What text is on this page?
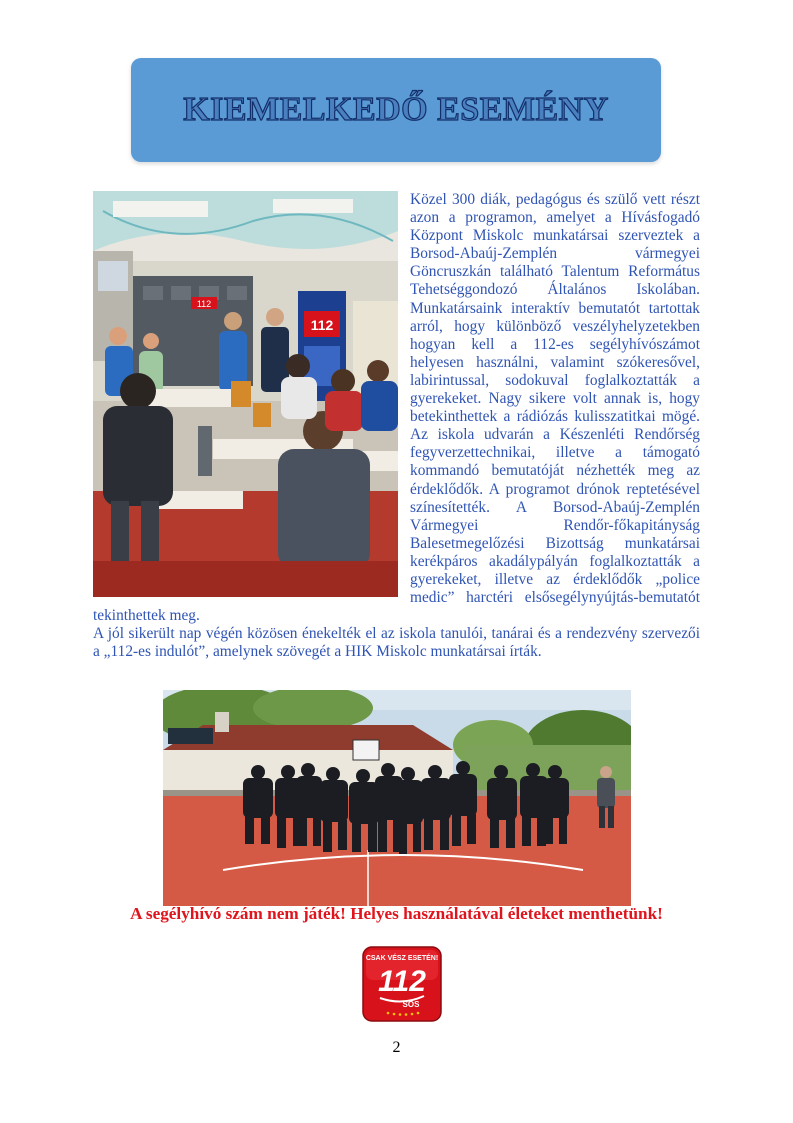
KIEMELKEDŐ ESEMÉNY

Közel 300 diák, pedagógus és szülő vett részt azon a programon, amelyet a Hívásfogadó Központ Miskolc munkatársai szerveztek a Borsod-Abaúj-Zemplén vármegyei Göncruszkán található Talentum Református Tehetséggondozó Általános Iskolában. Munkatársaink interaktív bemutatót tartottak arról, hogy különböző veszélyhelyzetekben hogyan kell a 112-es segélyhívószámot helyesen használni, valamint szókeresővel, labirintussal, sodokuval foglalkoztatták a gyerekeket. Nagy sikere volt annak is, hogy betekinthettek a rádiózás kulisszatitkai mögé. Az iskola udvarán a Készenléti Rendőrség fegyverzettechnikai, illetve a támogató kommandó bemutatóját nézhették meg az érdeklődők. A programot drónok reptetésével színesítették. A Borsod-Abaúj-Zemplén Vármegyei Rendőr-főkapitányság Balesetmegelőzési Bizottság munkatársai kerékpáros akadálypályán foglalkoztatták a gyerekeket, illetve az érdeklődők „police medic” harctéri elsősegélynyújtás-bemutatót tekinthettek meg.

A jól sikerült nap végén közösen énekelték el az iskola tanulói, tanárai és a rendezvény szervezői a „112-es indulót”, amelynek szövegét a HIK Miskolc munkatársai írták.

112
112
A segélyhívó szám nem játék! Helyes használatával életeket menthetünk!
CSAK VÉSZ ESETÉN!
112
SOS
2
